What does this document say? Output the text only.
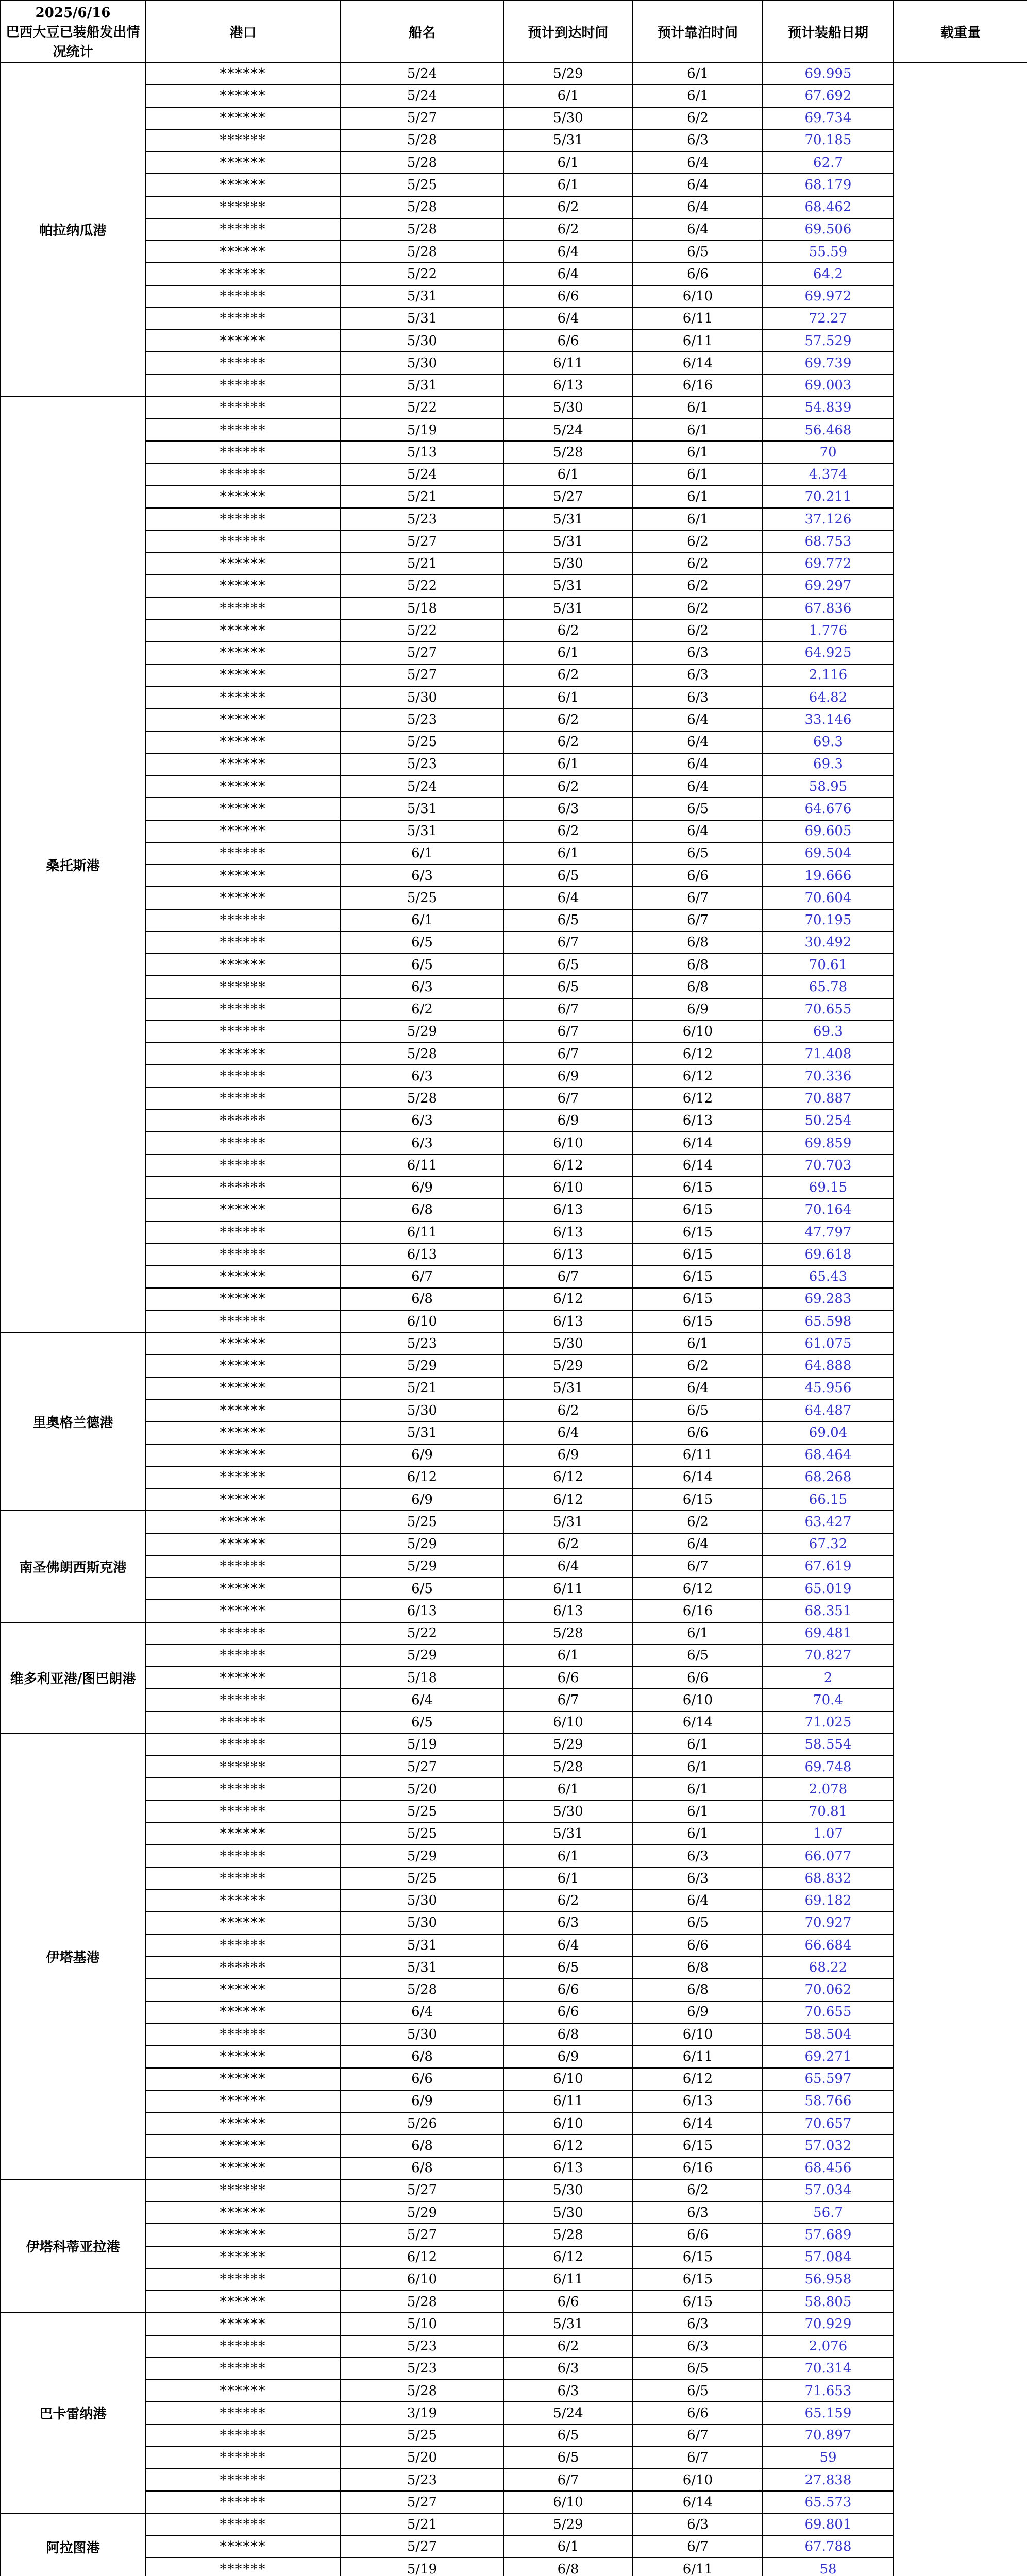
2025/6/16
巴西大豆已装船发出情况统计	港口	船名	预计到达时间	预计靠泊时间	预计装船日期	载重量
帕拉纳瓜港	******	5/24	5/29	6/1	69.995	
	******	5/24	6/1	6/1	67.692	
	******	5/27	5/30	6/2	69.734	
	******	5/28	5/31	6/3	70.185	
	******	5/28	6/1	6/4	62.7	
	******	5/25	6/1	6/4	68.179	
	******	5/28	6/2	6/4	68.462	
	******	5/28	6/2	6/4	69.506	
	******	5/28	6/4	6/5	55.59	
	******	5/22	6/4	6/6	64.2	
	******	5/31	6/6	6/10	69.972	
	******	5/31	6/4	6/11	72.27	
	******	5/30	6/6	6/11	57.529	
	******	5/30	6/11	6/14	69.739	
	******	5/31	6/13	6/16	69.003	
桑托斯港	******	5/22	5/30	6/1	54.839	
	******	5/19	5/24	6/1	56.468	
	******	5/13	5/28	6/1	70	
	******	5/24	6/1	6/1	4.374	
	******	5/21	5/27	6/1	70.211	
	******	5/23	5/31	6/1	37.126	
	******	5/27	5/31	6/2	68.753	
	******	5/21	5/30	6/2	69.772	
	******	5/22	5/31	6/2	69.297	
	******	5/18	5/31	6/2	67.836	
	******	5/22	6/2	6/2	1.776	
	******	5/27	6/1	6/3	64.925	
	******	5/27	6/2	6/3	2.116	
	******	5/30	6/1	6/3	64.82	
	******	5/23	6/2	6/4	33.146	
	******	5/25	6/2	6/4	69.3	
	******	5/23	6/1	6/4	69.3	
	******	5/24	6/2	6/4	58.95	
	******	5/31	6/3	6/5	64.676	
	******	5/31	6/2	6/4	69.605	
	******	6/1	6/1	6/5	69.504	
	******	6/3	6/5	6/6	19.666	
	******	5/25	6/4	6/7	70.604	
	******	6/1	6/5	6/7	70.195	
	******	6/5	6/7	6/8	30.492	
	******	6/5	6/5	6/8	70.61	
	******	6/3	6/5	6/8	65.78	
	******	6/2	6/7	6/9	70.655	
	******	5/29	6/7	6/10	69.3	
	******	5/28	6/7	6/12	71.408	
	******	6/3	6/9	6/12	70.336	
	******	5/28	6/7	6/12	70.887	
	******	6/3	6/9	6/13	50.254	
	******	6/3	6/10	6/14	69.859	
	******	6/11	6/12	6/14	70.703	
	******	6/9	6/10	6/15	69.15	
	******	6/8	6/13	6/15	70.164	
	******	6/11	6/13	6/15	47.797	
	******	6/13	6/13	6/15	69.618	
	******	6/7	6/7	6/15	65.43	
	******	6/8	6/12	6/15	69.283	
	******	6/10	6/13	6/15	65.598	
里奥格兰德港	******	5/23	5/30	6/1	61.075	
	******	5/29	5/29	6/2	64.888	
	******	5/21	5/31	6/4	45.956	
	******	5/30	6/2	6/5	64.487	
	******	5/31	6/4	6/6	69.04	
	******	6/9	6/9	6/11	68.464	
	******	6/12	6/12	6/14	68.268	
	******	6/9	6/12	6/15	66.15	
南圣佛朗西斯克港	******	5/25	5/31	6/2	63.427	
	******	5/29	6/2	6/4	67.32	
	******	5/29	6/4	6/7	67.619	
	******	6/5	6/11	6/12	65.019	
	******	6/13	6/13	6/16	68.351	
维多利亚港/图巴朗港	******	5/22	5/28	6/1	69.481	
	******	5/29	6/1	6/5	70.827	
	******	5/18	6/6	6/6	2	
	******	6/4	6/7	6/10	70.4	
	******	6/5	6/10	6/14	71.025	
伊塔基港	******	5/19	5/29	6/1	58.554	
	******	5/27	5/28	6/1	69.748	
	******	5/20	6/1	6/1	2.078	
	******	5/25	5/30	6/1	70.81	
	******	5/25	5/31	6/1	1.07	
	******	5/29	6/1	6/3	66.077	
	******	5/25	6/1	6/3	68.832	
	******	5/30	6/2	6/4	69.182	
	******	5/30	6/3	6/5	70.927	
	******	5/31	6/4	6/6	66.684	
	******	5/31	6/5	6/8	68.22	
	******	5/28	6/6	6/8	70.062	
	******	6/4	6/6	6/9	70.655	
	******	5/30	6/8	6/10	58.504	
	******	6/8	6/9	6/11	69.271	
	******	6/6	6/10	6/12	65.597	
	******	6/9	6/11	6/13	58.766	
	******	5/26	6/10	6/14	70.657	
	******	6/8	6/12	6/15	57.032	
	******	6/8	6/13	6/16	68.456	
伊塔科蒂亚拉港	******	5/27	5/30	6/2	57.034	
	******	5/29	5/30	6/3	56.7	
	******	5/27	5/28	6/6	57.689	
	******	6/12	6/12	6/15	57.084	
	******	6/10	6/11	6/15	56.958	
	******	5/28	6/6	6/15	58.805	
巴卡雷纳港	******	5/10	5/31	6/3	70.929	
	******	5/23	6/2	6/3	2.076	
	******	5/23	6/3	6/5	70.314	
	******	5/28	6/3	6/5	71.653	
	******	3/19	5/24	6/6	65.159	
	******	5/25	6/5	6/7	70.897	
	******	5/20	6/5	6/7	59	
	******	5/23	6/7	6/10	27.838	
	******	5/27	6/10	6/14	65.573	
阿拉图港	******	5/21	5/29	6/3	69.801	
	******	5/27	6/1	6/7	67.788	
	******	5/19	6/8	6/11	58	
